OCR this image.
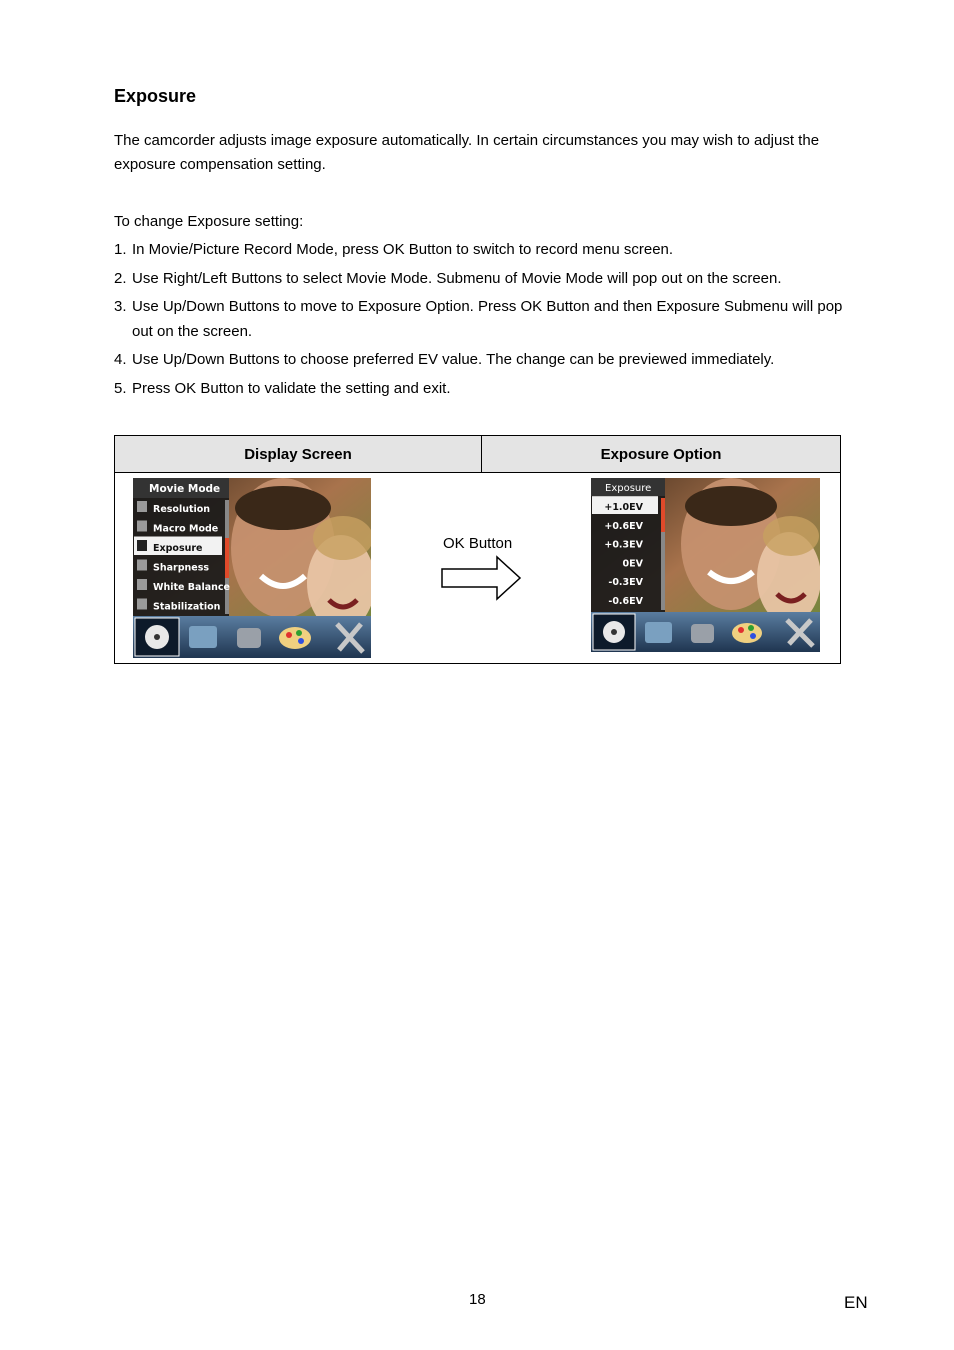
Exposure
The camcorder adjusts image exposure automatically. In certain circumstances you may wish to adjust the exposure compensation setting.
To change Exposure setting:
1. In Movie/Picture Record Mode, press OK Button to switch to record menu screen.
2. Use Right/Left Buttons to select Movie Mode. Submenu of Movie Mode will pop out on the screen.
3. Use Up/Down Buttons to move to Exposure Option. Press OK Button and then Exposure Submenu will pop out on the screen.
4. Use Up/Down Buttons to choose preferred EV value. The change can be previewed immediately.
5. Press OK Button to validate the setting and exit.
Display Screen	Exposure Option

Movie Mode
Resolution
Macro Mode
Exposure
Sharpness
White Balance
Stabilization
OK Button
Exposure
+1.0EV
+0.6EV
+0.3EV
0EV
-0.3EV
-0.6EV
18	EN
